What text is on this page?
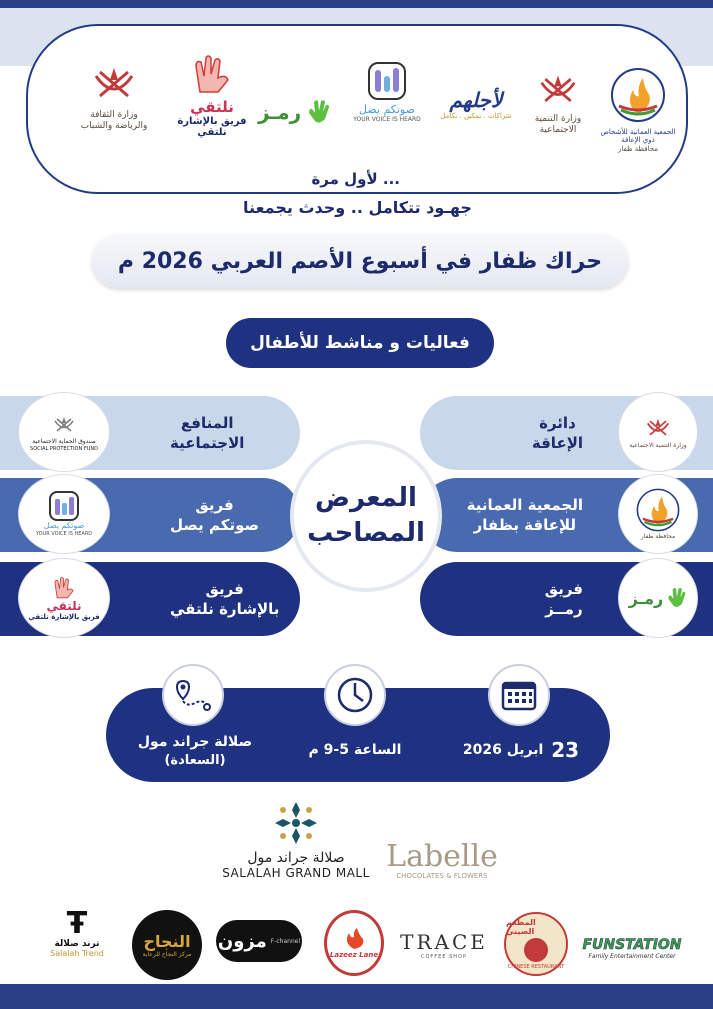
وزارة الثقافة والرياضة والشباب
نلتقي
فريق بالإشارة نلتقي
رمـز	صوتكم يصل
YOUR VOICE IS HEARD
لأجلهم
شراكات . تمكين . تكامل	وزارة التنمية الاجتماعية	الجمعية العمانية للأشخاص ذوي الإعاقة
محافظة ظفار
لأول مرة ...
جهـود تتكامل .. وحدث يجمعنا
حراك ظفار في أسبوع الأصم العربي 2026 م
فعاليات و مناشط للأطفال
دائرة
الإعاقة
الجمعية العمانية
للإعاقة بظفار
فريق
رمــز
المنافع
الاجتماعية
فريق
صوتكم يصل
فريق
بالإشارة نلتقي
وزارة التنمية الاجتماعية
محافظة ظفار
رمـز
صندوق الحماية الاجتماعية
SOCIAL PROTECTION FUND
صوتكم يصل
YOUR VOICE IS HEARD
نلتقي
فريق بالإشارة نلتقي
المعرض
المصاحب
صلالة جراند مول
(السعادة)
الساعة 5-9 م	23
ابريل 2026
صلالة جراند مول
SALALAH GRAND MALL Labelle
CHOCOLATES & FLOWERS
Ŧ
ترند صلالة
Salalah Trend
النجاح
مركز النجاح للرعاية
مزون F-channel
Lazeez Lane
TRACE
COFFEE SHOP
المطعم الصيني
CHINESE RESTAURANT
FUNSTATION
Family Entertainment Center
